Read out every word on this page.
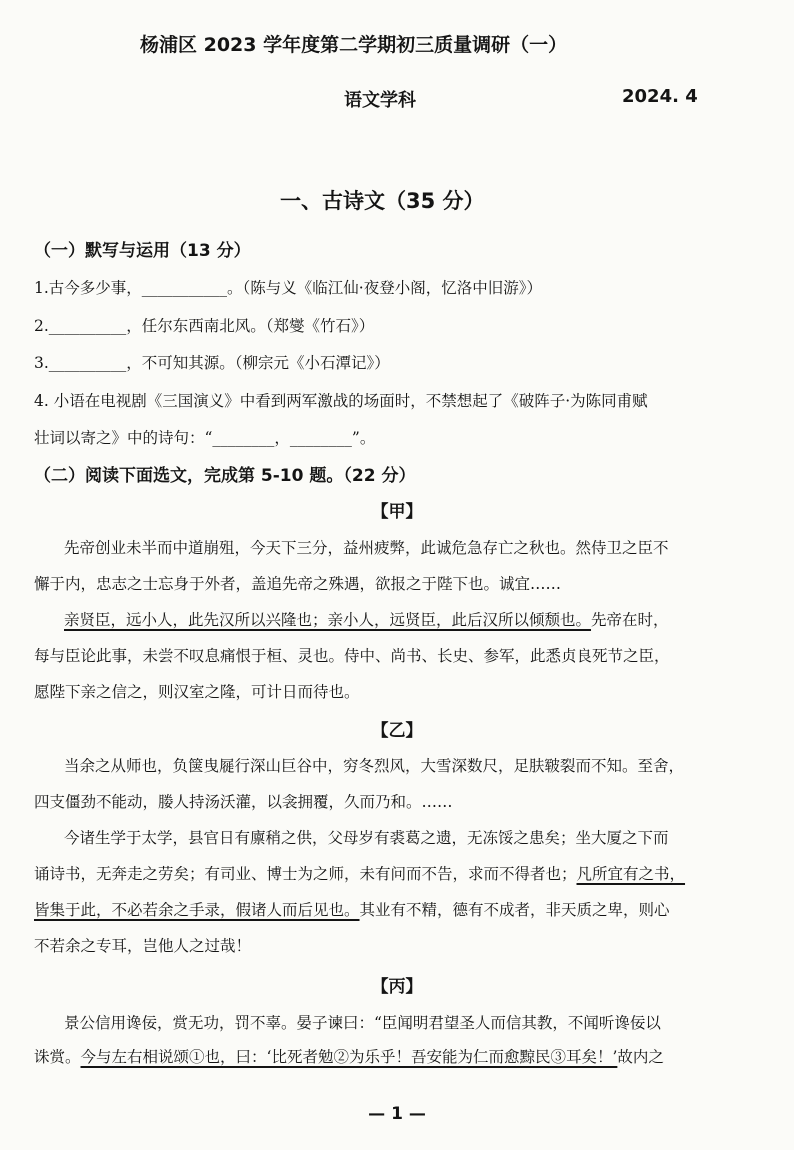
杨浦区 2023 学年度第二学期初三质量调研（一）
语文学科	2024. 4
一、古诗文（35 分）
（一）默写与运用（13 分）
1.古今多少事，___________。（陈与义《临江仙·夜登小阁，忆洛中旧游》）
2.__________，任尔东西南北风。（郑燮《竹石》）
3.__________，不可知其源。（柳宗元《小石潭记》）
4. 小语在电视剧《三国演义》中看到两军激战的场面时，不禁想起了《破阵子·为陈同甫赋
壮词以寄之》中的诗句：“________，________”。
（二）阅读下面选文，完成第 5-10 题。（22 分）
【甲】
先帝创业未半而中道崩殂，今天下三分，益州疲弊，此诚危急存亡之秋也。然侍卫之臣不
懈于内，忠志之士忘身于外者，盖追先帝之殊遇，欲报之于陛下也。诚宜……
亲贤臣，远小人，此先汉所以兴隆也；亲小人，远贤臣，此后汉所以倾颓也。先帝在时，
每与臣论此事，未尝不叹息痛恨于桓、灵也。侍中、尚书、长史、参军，此悉贞良死节之臣，
愿陛下亲之信之，则汉室之隆，可计日而待也。
【乙】
当余之从师也，负箧曳屣行深山巨谷中，穷冬烈风，大雪深数尺，足肤皲裂而不知。至舍，
四支僵劲不能动，媵人持汤沃灌，以衾拥覆，久而乃和。……
今诸生学于太学，县官日有廪稍之供，父母岁有裘葛之遗，无冻馁之患矣；坐大厦之下而
诵诗书，无奔走之劳矣；有司业、博士为之师，未有问而不告，求而不得者也；凡所宜有之书，
皆集于此，不必若余之手录，假诸人而后见也。其业有不精，德有不成者，非天质之卑，则心
不若余之专耳，岂他人之过哉！
【丙】
景公信用谗佞，赏无功，罚不辜。晏子谏曰：“臣闻明君望圣人而信其教，不闻听谗佞以
诛赏。今与左右相说颂①也，曰：‘比死者勉②为乐乎！吾安能为仁而愈黥民③耳矣！’故内之
— 1 —
